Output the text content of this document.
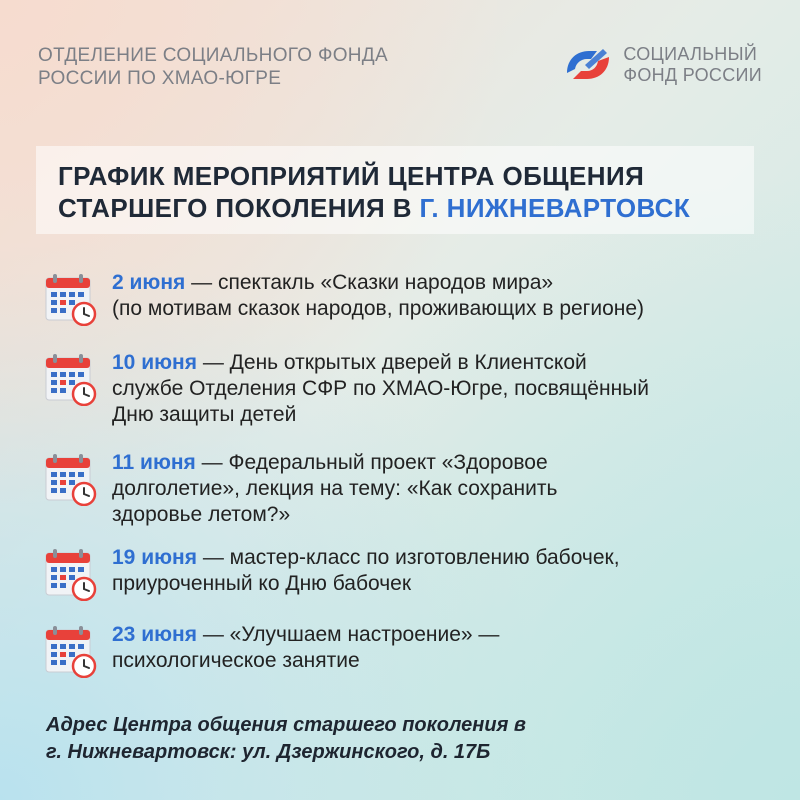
ОТДЕЛЕНИЕ СОЦИАЛЬНОГО ФОНДА
РОССИИ ПО ХМАО-ЮГРЕ
СОЦИАЛЬНЫЙ
ФОНД РОССИИ
ГРАФИК МЕРОПРИЯТИЙ ЦЕНТРА ОБЩЕНИЯ
СТАРШЕГО ПОКОЛЕНИЯ В Г. НИЖНЕВАРТОВСК
2 июня — спектакль «Сказки народов мира»
(по мотивам сказок народов, проживающих в регионе)
10 июня — День открытых дверей в Клиентской
службе Отделения СФР по ХМАО-Югре, посвящённый
Дню защиты детей
11 июня — Федеральный проект «Здоровое
долголетие», лекция на тему: «Как сохранить
здоровье летом?»
19 июня — мастер-класс по изготовлению бабочек,
приуроченный ко Дню бабочек
23 июня — «Улучшаем настроение» —
психологическое занятие
Адрес Центра общения старшего поколения в
г. Нижневартовск: ул. Дзержинского, д. 17Б
